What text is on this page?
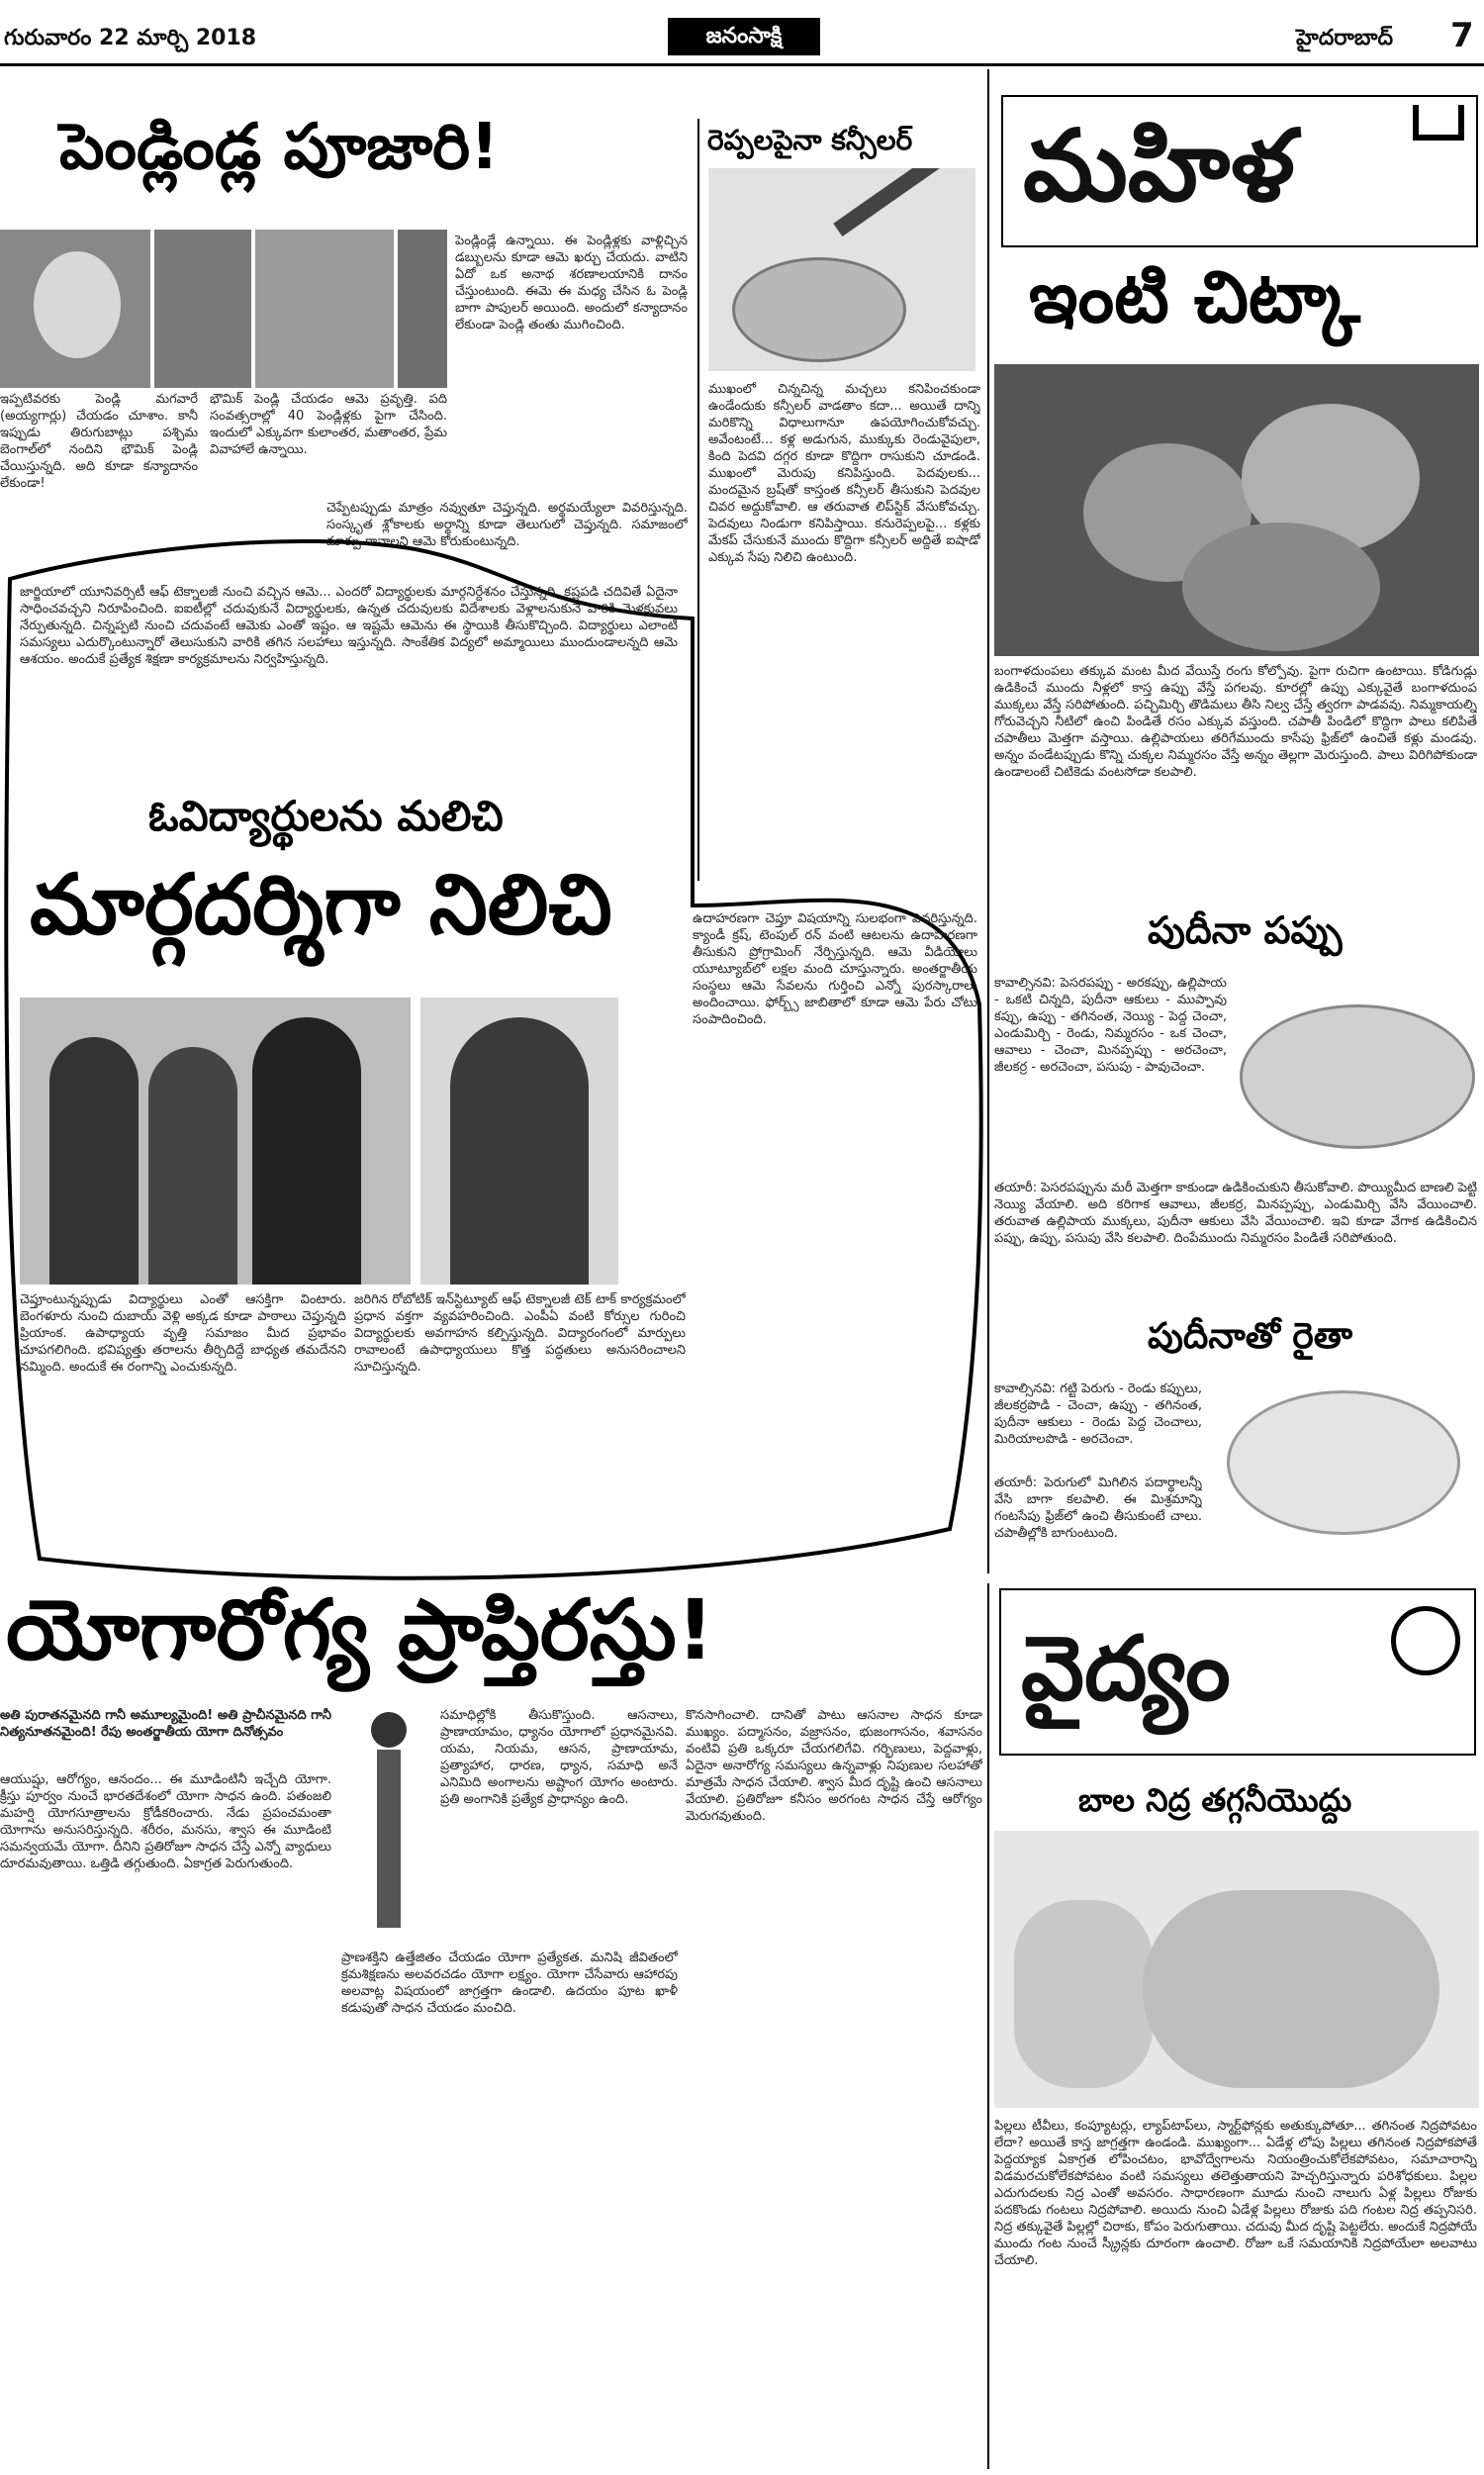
గురువారం 22 మార్చి 2018	జనంసాక్షి	హైదరాబాద్ 7
పెండ్లిండ్ల పూజారి!
ఇప్పటివరకు పెండ్లి మగవారే (అయ్యగార్లు) చేయడం చూశాం. కానీ ఇప్పుడు తిరుగుబాట్లు పశ్చిమ బెంగాల్‌లో నందిని భౌమిక్ పెండ్లి చేయిస్తున్నది. అది కూడా కన్యాదానం లేకుండా!
పెండ్లిండ్లే ఉన్నాయి. ఈ పెండ్లిళ్లకు వాళ్లిచ్చిన డబ్బులను కూడా ఆమె ఖర్చు చేయదు. వాటిని ఏదో ఒక అనాథ శరణాలయానికి దానం చేస్తుంటుంది. ఈమె ఈ మధ్య చేసిన ఓ పెండ్లి బాగా పాపులర్ అయింది. అందులో కన్యాదానం లేకుండా పెండ్లి తంతు ముగించింది.
భౌమిక్ పెండ్లి చేయడం ఆమె ప్రవృత్తి. పది సంవత్సరాల్లో 40 పెండ్లిళ్లకు పైగా చేసింది. ఇందులో ఎక్కువగా కులాంతర, మతాంతర, ప్రేమ వివాహాలే ఉన్నాయి.
చెప్పేటప్పుడు మాత్రం నవ్వుతూ చెప్తున్నది. అర్థమయ్యేలా వివరిస్తున్నది. సంస్కృత శ్లోకాలకు అర్థాన్ని కూడా తెలుగులో చెప్తున్నది. సమాజంలో మార్పు రావాలని ఆమె కోరుకుంటున్నది.
రెప్పలపైనా కన్సీలర్
ముఖంలో చిన్నచిన్న మచ్చలు కనిపించకుండా ఉండేందుకు కన్సీలర్ వాడతాం కదా... అయితే దాన్ని మరికొన్ని విధాలుగానూ ఉపయోగించుకోవచ్చు. అవేంటంటే... కళ్ల అడుగున, ముక్కుకు రెండువైపులా, కింది పెదవి దగ్గర కూడా కొద్దిగా రాసుకుని చూడండి. ముఖంలో మెరుపు కనిపిస్తుంది. పెదవులకు... మందమైన బ్రష్‌తో కాస్తంత కన్సీలర్ తీసుకుని పెదవుల చివర అద్దుకోవాలి. ఆ తరువాత లిప్‌స్టిక్ వేసుకోవచ్చు. పెదవులు నిండుగా కనిపిస్తాయి. కనురెప్పలపై... కళ్లకు మేకప్ చేసుకునే ముందు కొద్దిగా కన్సీలర్ అద్దితే ఐషాడో ఎక్కువ సేపు నిలిచి ఉంటుంది.
మహిళ
ఇంటి చిట్కా
బంగాళదుంపలు తక్కువ మంట మీద వేయిస్తే రంగు కోల్పోవు. పైగా రుచిగా ఉంటాయి. కోడిగుడ్లు ఉడికించే ముందు నీళ్లలో కాస్త ఉప్పు వేస్తే పగలవు. కూరల్లో ఉప్పు ఎక్కువైతే బంగాళదుంప ముక్కలు వేస్తే సరిపోతుంది. పచ్చిమిర్చి తొడిమలు తీసి నిల్వ చేస్తే త్వరగా పాడవవు. నిమ్మకాయల్ని గోరువెచ్చని నీటిలో ఉంచి పిండితే రసం ఎక్కువ వస్తుంది. చపాతీ పిండిలో కొద్దిగా పాలు కలిపితే చపాతీలు మెత్తగా వస్తాయి. ఉల్లిపాయలు తరిగేముందు కాసేపు ఫ్రిజ్‌లో ఉంచితే కళ్లు మండవు. అన్నం వండేటప్పుడు కొన్ని చుక్కల నిమ్మరసం వేస్తే అన్నం తెల్లగా మెరుస్తుంది. పాలు విరిగిపోకుండా ఉండాలంటే చిటికెడు వంటసోడా కలపాలి.
పుదీనా పప్పు
కావాల్సినవి: పెసరపప్పు - అరకప్పు, ఉల్లిపాయ - ఒకటి చిన్నది, పుదీనా ఆకులు - ముప్పావు కప్పు, ఉప్పు - తగినంత, నెయ్యి - పెద్ద చెంచా, ఎండుమిర్చి - రెండు, నిమ్మరసం - ఒక చెంచా, ఆవాలు - చెంచా, మినప్పప్పు - అరచెంచా, జీలకర్ర - అరచెంచా, పసుపు - పావుచెంచా.
తయారీ: పెసరపప్పును మరీ మెత్తగా కాకుండా ఉడికించుకుని తీసుకోవాలి. పొయ్యిమీద బాణలి పెట్టి నెయ్యి వేయాలి. అది కరిగాక ఆవాలు, జీలకర్ర, మినప్పప్పు, ఎండుమిర్చి వేసి వేయించాలి. తరువాత ఉల్లిపాయ ముక్కలు, పుదీనా ఆకులు వేసి వేయించాలి. ఇవి కూడా వేగాక ఉడికించిన పప్పు, ఉప్పు, పసుపు వేసి కలపాలి. దింపేముందు నిమ్మరసం పిండితే సరిపోతుంది.
పుదీనాతో రైతా
కావాల్సినవి: గట్టి పెరుగు - రెండు కప్పులు, జీలకర్రపొడి - చెంచా, ఉప్పు - తగినంత, పుదీనా ఆకులు - రెండు పెద్ద చెంచాలు, మిరియాలపొడి - అరచెంచా.
తయారీ: పెరుగులో మిగిలిన పదార్థాలన్నీ వేసి బాగా కలపాలి. ఈ మిశ్రమాన్ని గంటసేపు ఫ్రిజ్‌లో ఉంచి తీసుకుంటే చాలు. చపాతీల్లోకి బాగుంటుంది.
జార్జియాలో యూనివర్సిటీ ఆఫ్ టెక్నాలజీ నుంచి వచ్చిన ఆమె... ఎందరో విద్యార్థులకు మార్గనిర్దేశనం చేస్తున్నది. కష్టపడి చదివితే ఏదైనా సాధించవచ్చని నిరూపించింది. ఐఐటీల్లో చదువుకునే విద్యార్థులకు, ఉన్నత చదువులకు విదేశాలకు వెళ్లాలనుకునే వారికి మెళకువలు నేర్పుతున్నది. చిన్నప్పటి నుంచి చదువంటే ఆమెకు ఎంతో ఇష్టం. ఆ ఇష్టమే ఆమెను ఈ స్థాయికి తీసుకొచ్చింది. విద్యార్థులు ఎలాంటి సమస్యలు ఎదుర్కొంటున్నారో తెలుసుకుని వారికి తగిన సలహాలు ఇస్తున్నది. సాంకేతిక విద్యలో అమ్మాయిలు ముందుండాలన్నది ఆమె ఆశయం. అందుకే ప్రత్యేక శిక్షణా కార్యక్రమాలను నిర్వహిస్తున్నది.
ఓవిద్యార్థులను మలిచి
మార్గదర్శిగా నిలిచి	ఉదాహరణగా చెప్తూ విషయాన్ని సులభంగా వివరిస్తున్నది. క్యాండీ క్రష్, టెంపుల్ రన్ వంటి ఆటలను ఉదాహరణగా తీసుకుని ప్రోగ్రామింగ్ నేర్పిస్తున్నది. ఆమె వీడియోలు యూట్యూబ్‌లో లక్షల మంది చూస్తున్నారు. అంతర్జాతీయ సంస్థలు ఆమె సేవలను గుర్తించి ఎన్నో పురస్కారాలు అందించాయి. ఫోర్బ్స్ జాబితాలో కూడా ఆమె పేరు చోటు సంపాదించింది.
చెప్తూంటున్నప్పుడు విద్యార్థులు ఎంతో ఆసక్తిగా వింటారు. బెంగళూరు నుంచి దుబాయ్ వెళ్లి అక్కడ కూడా పాఠాలు చెప్తున్నది ప్రియాంక. ఉపాధ్యాయ వృత్తి సమాజం మీద ప్రభావం చూపగలిగింది. భవిష్యత్తు తరాలను తీర్చిదిద్దే బాధ్యత తమదేనని నమ్మింది. అందుకే ఈ రంగాన్ని ఎంచుకున్నది.
జరిగిన రోబోటిక్ ఇన్‌స్టిట్యూట్ ఆఫ్ టెక్నాలజీ టెక్ టాక్ కార్యక్రమంలో ప్రధాన వక్తగా వ్యవహరించింది. ఎంపీఏ వంటి కోర్సుల గురించి విద్యార్థులకు అవగాహన కల్పిస్తున్నది. విద్యారంగంలో మార్పులు రావాలంటే ఉపాధ్యాయులు కొత్త పద్ధతులు అనుసరించాలని సూచిస్తున్నది.
యోగారోగ్య ప్రాప్తిరస్తు!
అతి పురాతనమైనది గానీ అమూల్యమైంది! అతి ప్రాచీనమైనది గానీ నిత్యనూతనమైంది! రేపు అంతర్జాతీయ యోగా దినోత్సవం
ఆయుష్షు, ఆరోగ్యం, ఆనందం... ఈ మూడింటినీ ఇచ్చేది యోగా. క్రీస్తు పూర్వం నుంచే భారతదేశంలో యోగా సాధన ఉంది. పతంజలి మహర్షి యోగసూత్రాలను క్రోడీకరించారు. నేడు ప్రపంచమంతా యోగాను అనుసరిస్తున్నది. శరీరం, మనసు, శ్వాస ఈ మూడింటి సమన్వయమే యోగా. దీనిని ప్రతిరోజూ సాధన చేస్తే ఎన్నో వ్యాధులు దూరమవుతాయి. ఒత్తిడి తగ్గుతుంది. ఏకాగ్రత పెరుగుతుంది.
సమాధిల్లోకి తీసుకొస్తుంది. ఆసనాలు, ప్రాణాయామం, ధ్యానం యోగాలో ప్రధానమైనవి. యమ, నియమ, ఆసన, ప్రాణాయామ, ప్రత్యాహార, ధారణ, ధ్యాన, సమాధి అనే ఎనిమిది అంగాలను అష్టాంగ యోగం అంటారు. ప్రతి అంగానికి ప్రత్యేక ప్రాధాన్యం ఉంది.
ప్రాణశక్తిని ఉత్తేజితం చేయడం యోగా ప్రత్యేకత. మనిషి జీవితంలో క్రమశిక్షణను అలవరచడం యోగా లక్ష్యం. యోగా చేసేవారు ఆహారపు అలవాట్ల విషయంలో జాగ్రత్తగా ఉండాలి. ఉదయం పూట ఖాళీ కడుపుతో సాధన చేయడం మంచిది.
కొనసాగించాలి. దానితో పాటు ఆసనాల సాధన కూడా ముఖ్యం. పద్మాసనం, వజ్రాసనం, భుజంగాసనం, శవాసనం వంటివి ప్రతి ఒక్కరూ చేయగలిగేవి. గర్భిణులు, పెద్దవాళ్లు, ఏదైనా అనారోగ్య సమస్యలు ఉన్నవాళ్లు నిపుణుల సలహాతో మాత్రమే సాధన చేయాలి. శ్వాస మీద దృష్టి ఉంచి ఆసనాలు వేయాలి. ప్రతిరోజూ కనీసం అరగంట సాధన చేస్తే ఆరోగ్యం మెరుగవుతుంది.
వైద్యం
బాల నిద్ర తగ్గనీయొద్దు
పిల్లలు టీవీలు, కంప్యూటర్లు, ల్యాప్‌టాప్‌లు, స్మార్ట్‌ఫోన్లకు అతుక్కుపోతూ... తగినంత నిద్రపోవటం లేదా? అయితే కాస్త జాగ్రత్తగా ఉండండి. ముఖ్యంగా... ఏడేళ్ల లోపు పిల్లలు తగినంత నిద్రపోకపోతే పెద్దయ్యాక ఏకాగ్రత లోపించటం, భావోద్వేగాలను నియంత్రించుకోలేకపోవటం, సమాచారాన్ని విడమరచుకోలేకపోవటం వంటి సమస్యలు తలెత్తుతాయని హెచ్చరిస్తున్నారు పరిశోధకులు. పిల్లల ఎదుగుదలకు నిద్ర ఎంతో అవసరం. సాధారణంగా మూడు నుంచి నాలుగు ఏళ్ల పిల్లలు రోజుకు పదకొండు గంటలు నిద్రపోవాలి. అయిదు నుంచి ఏడేళ్ల పిల్లలు రోజుకు పది గంటల నిద్ర తప్పనిసరి. నిద్ర తక్కువైతే పిల్లల్లో చిరాకు, కోపం పెరుగుతాయి. చదువు మీద దృష్టి పెట్టలేరు. అందుకే నిద్రపోయే ముందు గంట నుంచే స్క్రీన్లకు దూరంగా ఉంచాలి. రోజూ ఒకే సమయానికి నిద్రపోయేలా అలవాటు చేయాలి.
